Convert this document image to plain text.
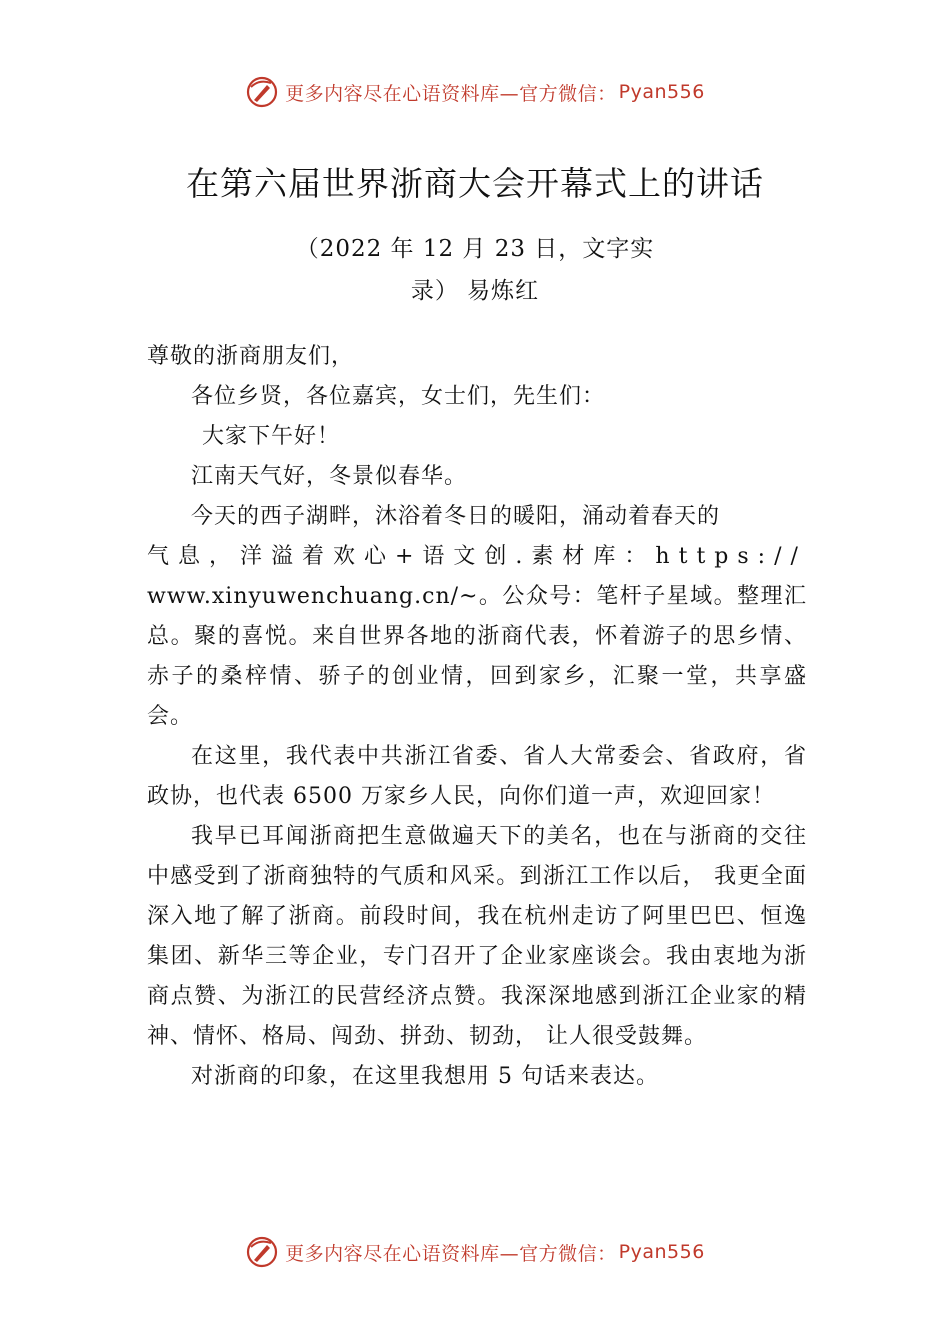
更多内容尽在心语资料库—官方微信： Pyan556
在第六届世界浙商大会开幕式上的讲话
（2022 年 12 月 23 日，文字实
录） 易炼红

尊敬的浙商朋友们，

各位乡贤，各位嘉宾，女士们，先生们：

大家下午好！

江南天气好，冬景似春华。

今天的西子湖畔，沐浴着冬日的暖阳，涌动着春天的

气息，洋溢着欢心+语文创.素材库：https://

www.xinyuwenchuang.cn/~。公众号：笔杆子星域。整理汇总。聚的喜悦。来自世界各地的浙商代表，怀着游子的思乡情、赤子的桑梓情、骄子的创业情，回到家乡，汇聚一堂，共享盛会。

在这里，我代表中共浙江省委、省人大常委会、省政府，省政协，也代表 6500 万家乡人民，向你们道一声，欢迎回家！

我早已耳闻浙商把生意做遍天下的美名，也在与浙商的交往中感受到了浙商独特的气质和风采。到浙江工作以后， 我更全面深入地了解了浙商。前段时间，我在杭州走访了阿里巴巴、恒逸集团、新华三等企业，专门召开了企业家座谈会。我由衷地为浙商点赞、为浙江的民营经济点赞。我深深地感到浙江企业家的精神、情怀、格局、闯劲、拼劲、韧劲， 让人很受鼓舞。

对浙商的印象，在这里我想用 5 句话来表达。

更多内容尽在心语资料库—官方微信： Pyan556
